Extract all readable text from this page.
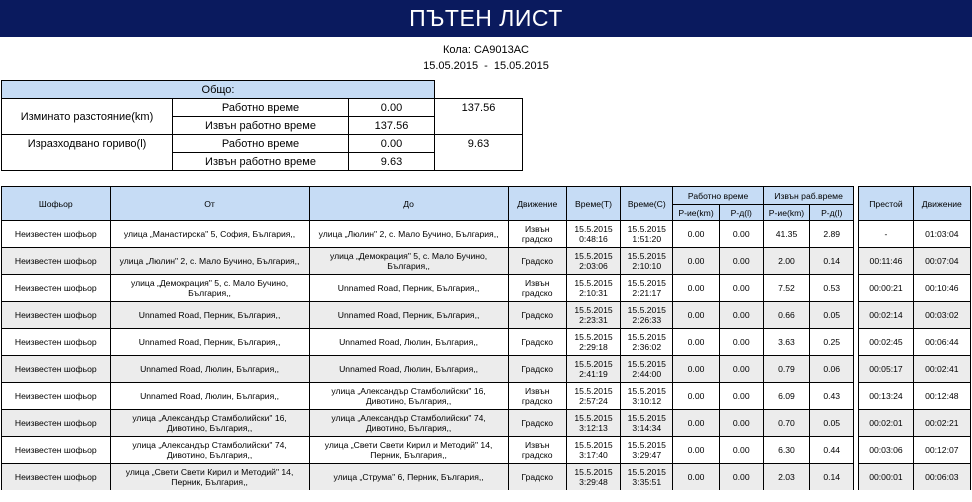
ПЪТЕН ЛИСТ
Кола: CA9013AC
15.05.2015 - 15.05.2015
Общо:			
Изминато разстояние(km)	Работно време	0.00	137.56
	Извън работно време	137.56	
Изразходвано гориво(l)	Работно време	0.00	9.63
	Извън работно време	9.63	
Шофьор	От	До	Движение	Време(Т)	Време(С)	Работно време		Извън раб.време			Престой	Движение
						Р-ие(km)	Р-д(l)	Р-ие(km)	Р-д(l)			
Неизвестен шофьор	улица „Манастирска" 5, София, България,,	улица „Люлин" 2, с. Мало Бучино, България,,	Извън градско	15.5.2015 0:48:16	15.5.2015 1:51:20	0.00	0.00	41.35	2.89		-	01:03:04
Неизвестен шофьор	улица „Люлин" 2, с. Мало Бучино, България,,	улица „Демокрация" 5, с. Мало Бучино, България,,	Градско	15.5.2015 2:03:06	15.5.2015 2:10:10	0.00	0.00	2.00	0.14		00:11:46	00:07:04
Неизвестен шофьор	улица „Демокрация" 5, с. Мало Бучино, България,,	Unnamed Road, Перник, България,,	Извън градско	15.5.2015 2:10:31	15.5.2015 2:21:17	0.00	0.00	7.52	0.53		00:00:21	00:10:46
Неизвестен шофьор	Unnamed Road, Перник, България,,	Unnamed Road, Перник, България,,	Градско	15.5.2015 2:23:31	15.5.2015 2:26:33	0.00	0.00	0.66	0.05		00:02:14	00:03:02
Неизвестен шофьор	Unnamed Road, Перник, България,,	Unnamed Road, Люлин, България,,	Градско	15.5.2015 2:29:18	15.5.2015 2:36:02	0.00	0.00	3.63	0.25		00:02:45	00:06:44
Неизвестен шофьор	Unnamed Road, Люлин, България,,	Unnamed Road, Люлин, България,,	Градско	15.5.2015 2:41:19	15.5.2015 2:44:00	0.00	0.00	0.79	0.06		00:05:17	00:02:41
Неизвестен шофьор	Unnamed Road, Люлин, България,,	улица „Александър Стамболийски" 16, Дивотино, България,,	Извън градско	15.5.2015 2:57:24	15.5.2015 3:10:12	0.00	0.00	6.09	0.43		00:13:24	00:12:48
Неизвестен шофьор	улица „Александър Стамболийски" 16, Дивотино, България,,	улица „Александър Стамболийски" 74, Дивотино, България,,	Градско	15.5.2015 3:12:13	15.5.2015 3:14:34	0.00	0.00	0.70	0.05		00:02:01	00:02:21
Неизвестен шофьор	улица „Александър Стамболийски" 74, Дивотино, България,,	улица „Свети Свети Кирил и Методий" 14, Перник, България,,	Извън градско	15.5.2015 3:17:40	15.5.2015 3:29:47	0.00	0.00	6.30	0.44		00:03:06	00:12:07
Неизвестен шофьор	улица „Свети Свети Кирил и Методий" 14, Перник, България,,	улица „Струма" 6, Перник, България,,	Градско	15.5.2015 3:29:48	15.5.2015 3:35:51	0.00	0.00	2.03	0.14		00:00:01	00:06:03
